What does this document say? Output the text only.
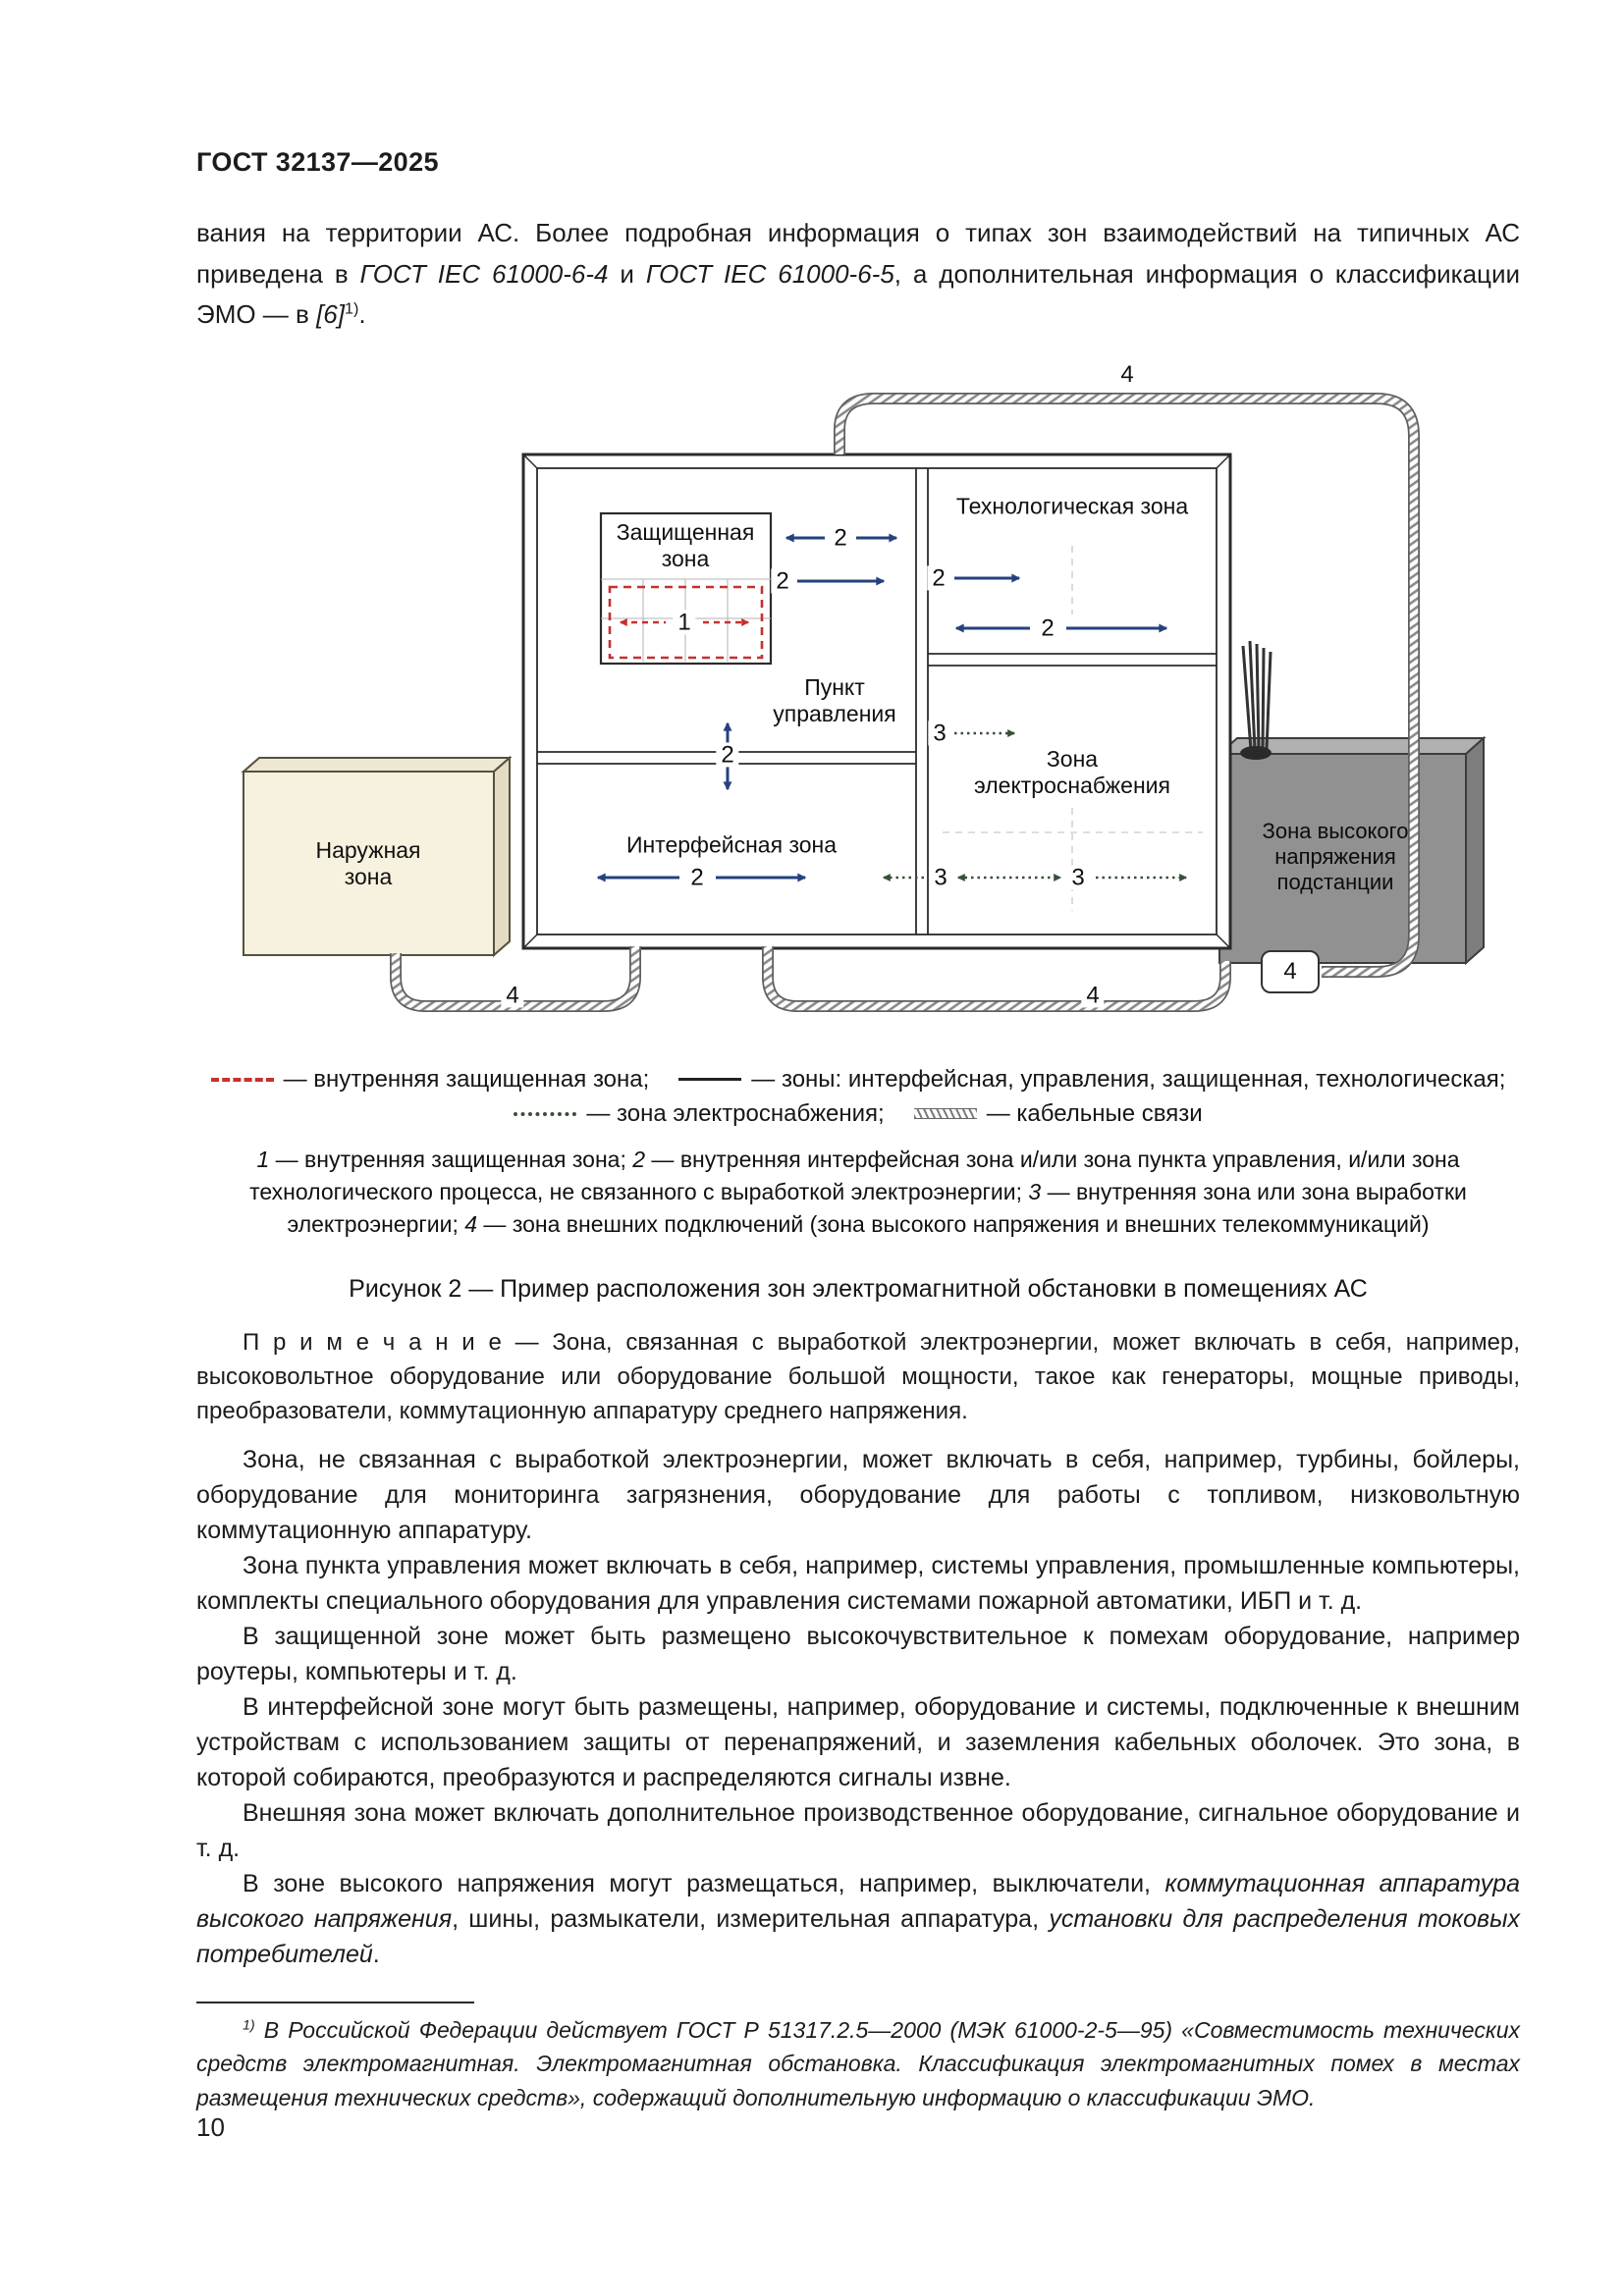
ГОСТ 32137—2025

вания на территории АС. Более подробная информация о типах зон взаимодействий на типичных АС приведена в ГОСТ IEC 61000-6-4 и ГОСТ IEC 61000-6-5, а дополнительная информация о классификации ЭМО — в [6]$^{1)}$.

Защищенная зона
Технологическая зона
Пункт управления
Зона электроснабжения
Интерфейсная зона
Наружная зона
Зона высокого напряжения подстанции
4
4	4
4
1
2
2	2
2
2
2
3
3	3
— внутренняя защищенная зона;	— зоны: интерфейсная, управления, защищенная, технологическая;
— зона электроснабжения;	— кабельные связи
1 — внутренняя защищенная зона; 2 — внутренняя интерфейсная зона и/или зона пункта управления, и/или зона технологического процесса, не связанного с выработкой электроэнергии; 3 — внутренняя зона или зона выработки электроэнергии; 4 — зона внешних подключений (зона высокого напряжения и внешних телекоммуникаций)
Рисунок 2 — Пример расположения зон электромагнитной обстановки в помещениях АС

П р и м е ч а н и е — Зона, связанная с выработкой электроэнергии, может включать в себя, например, высоковольтное оборудование или оборудование большой мощности, такое как генераторы, мощные приводы, преобразователи, коммутационную аппаратуру среднего напряжения.

Зона, не связанная с выработкой электроэнергии, может включать в себя, например, турбины, бойлеры, оборудование для мониторинга загрязнения, оборудование для работы с топливом, низковольтную коммутационную аппаратуру.

Зона пункта управления может включать в себя, например, системы управления, промышленные компьютеры, комплекты специального оборудования для управления системами пожарной автоматики, ИБП и т. д.

В защищенной зоне может быть размещено высокочувствительное к помехам оборудование, например роутеры, компьютеры и т. д.

В интерфейсной зоне могут быть размещены, например, оборудование и системы, подключенные к внешним устройствам с использованием защиты от перенапряжений, и заземления кабельных оболочек. Это зона, в которой собираются, преобразуются и распределяются сигналы извне.

Внешняя зона может включать дополнительное производственное оборудование, сигнальное оборудование и т. д.

В зоне высокого напряжения могут размещаться, например, выключатели, коммутационная аппаратура высокого напряжения, шины, размыкатели, измерительная аппаратура, установки для распределения токовых потребителей.

$^{1)}$ В Российской Федерации действует ГОСТ Р 51317.2.5—2000 (МЭК 61000-2-5—95) «Совместимость технических средств электромагнитная. Электромагнитная обстановка. Классификация электромагнитных помех в местах размещения технических средств», содержащий дополнительную информацию о классификации ЭМО.

10
